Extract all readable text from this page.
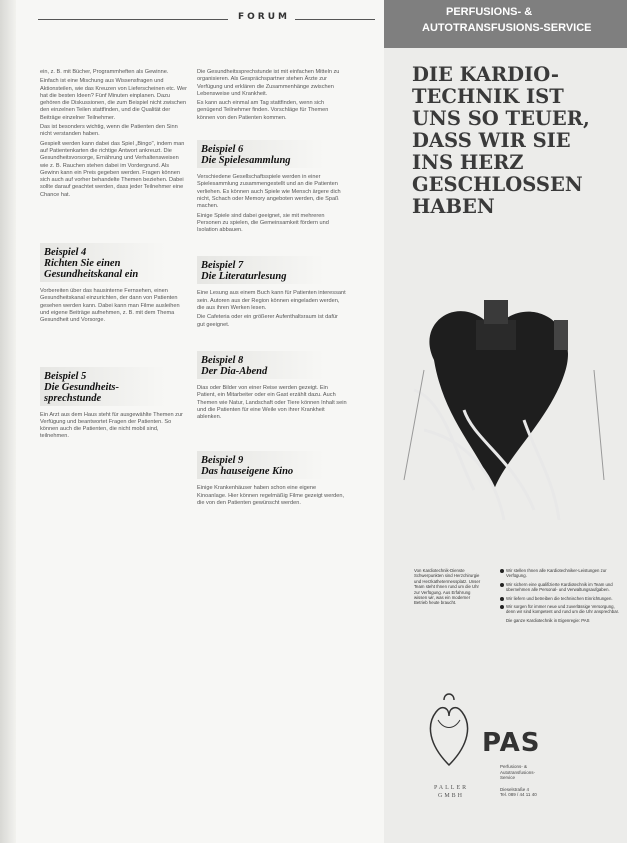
FORUM

ein, z. B. mit Bücher, Programmheften als Gewinne.

Einfach ist eine Mischung aus Wissensfragen und Aktionsteilen, wie das Kreuzen von Lieferscheinen etc. Wer hat die besten Ideen? Fünf Minuten einplanen. Dazu gehören die Diskussionen, die zum Beispiel nicht zwischen den einzelnen Teilen stattfinden, und die Qualität der Beiträge einzelner Teilnehmer.

Das ist besonders wichtig, wenn die Patienten den Sinn nicht verstanden haben.

Gespielt werden kann dabei das Spiel „Bingo", indem man auf Patientenkarten die richtige Antwort ankreuzt. Die Gesundheitsvorsorge, Ernährung und Verhaltensweisen wie z. B. Rauchen stehen dabei im Vordergrund. Als Gewinn kann ein Preis gegeben werden. Fragen können sich auch auf vorher behandelte Themen beziehen. Dabei sollte darauf geachtet werden, dass jeder Teilnehmer eine Chance hat.

Beispiel 4
Richten Sie einen
Gesundheitskanal ein

Vorbereiten über das hausinterne Fernsehen, einen Gesundheitskanal einzurichten, der dann von Patienten gesehen werden kann. Dabei kann man Filme ausleihen und eigene Beiträge aufnehmen, z. B. mit dem Thema Gesundheit und Vorsorge.

Beispiel 5
Die Gesundheits-
sprechstunde

Ein Arzt aus dem Haus steht für ausgewählte Themen zur Verfügung und beantwortet Fragen der Patienten. So können auch die Patienten, die nicht mobil sind, teilnehmen.

Die Gesundheitssprechstunde ist mit einfachen Mitteln zu organisieren. Als Gesprächspartner stehen Ärzte zur Verfügung und erklären die Zusammenhänge zwischen Lebensweise und Krankheit.

Es kann auch einmal am Tag stattfinden, wenn sich genügend Teilnehmer finden. Vorschläge für Themen können von den Patienten kommen.

Beispiel 6
Die Spielesammlung

Verschiedene Gesellschaftsspiele werden in einer Spielesammlung zusammengestellt und an die Patienten verliehen. Es können auch Spiele wie Mensch ärgere dich nicht, Schach oder Memory angeboten werden, die Spaß machen.

Einige Spiele sind dabei geeignet, sie mit mehreren Personen zu spielen, die Gemeinsamkeit fördern und Isolation abbauen.

Beispiel 7
Die Literaturlesung

Eine Lesung aus einem Buch kann für Patienten interessant sein. Autoren aus der Region können eingeladen werden, die aus ihren Werken lesen.

Die Cafeteria oder ein größerer Aufenthaltsraum ist dafür gut geeignet.

Beispiel 8
Der Dia-Abend

Dias oder Bilder von einer Reise werden gezeigt. Ein Patient, ein Mitarbeiter oder ein Gast erzählt dazu. Auch Themen wie Natur, Landschaft oder Tiere können Inhalt sein und die Patienten für eine Weile von ihrer Krankheit ablenken.

Beispiel 9
Das hauseigene Kino

Einige Krankenhäuser haben schon eine eigene Kinoanlage. Hier können regelmäßig Filme gezeigt werden, die von den Patienten gewünscht werden.

PERFUSIONS- &
AUTOTRANSFUSIONS-SERVICE
DIE KARDIO-
TECHNIK IST
UNS SO TEUER,
DASS WIR SIE
INS HERZ
GESCHLOSSEN
HABEN
Von Kardiotechnik-Dienste Schwerpunkten sind Herzchirurgie und Herzkathetermessplatz. Unser Team steht Ihnen rund um die Uhr zur Verfügung. Aus Erfahrung wissen wir, was ein moderner Betrieb heute braucht.
Wir stellen Ihnen alle Kardiotechniker-Leistungen zur Verfügung.
Wir sichern eine qualifizierte Kardiotechnik im Team und übernehmen alle Personal- und Verwaltungsaufgaben.
Wir liefern und betreiben die technischen Einrichtungen.
Wir sorgen für immer neue und zuverlässige Versorgung, denn wir sind kompetent und rund um die Uhr ansprechbar.
Die ganze Kardiotechnik in Eigenregie: PAS
PAS
PALLER
GMBH
Perfusions- &
Autotransfusions-
Service
Dieselstraße 4
Tel. 089 / 44 11 40
